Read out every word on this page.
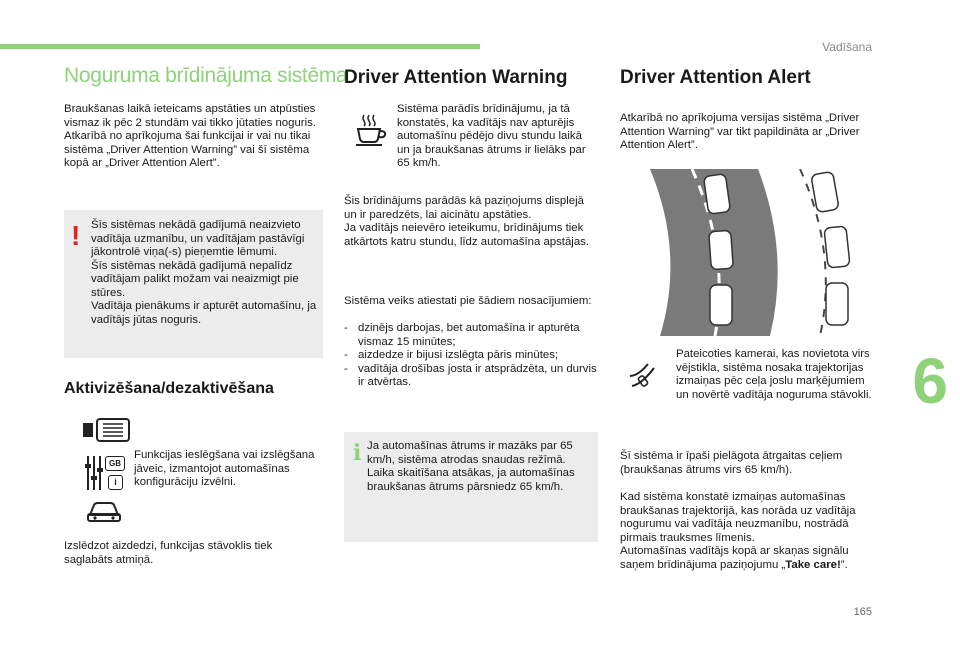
Vadīšana
6
165
Noguruma brīdinājuma sistēma
Braukšanas laikā ieteicams apstāties un atpūsties vismaz ik pēc 2 stundām vai tikko jūtaties noguris.
Atkarībā no aprīkojuma šai funkcijai ir vai nu tikai sistēma „Driver Attention Warning” vai šī sistēma kopā ar „Driver Attention Alert”.
! Šīs sistēmas nekādā gadījumā neaizvieto vadītāja uzmanību, un vadītājam pastāvīgi jākontrolē viņa(-s) pieņemtie lēmumi.
Šīs sistēmas nekādā gadījumā nepalīdz vadītājam palikt možam vai neaizmigt pie stūres.
Vadītāja pienākums ir apturēt automašīnu, ja vadītājs jūtas noguris.
Aktivizēšana/dezaktivēšana
GB
i
Funkcijas ieslēgšana vai izslēgšana jāveic, izmantojot automašīnas konfigurāciju izvēlni.
Izslēdzot aizdedzi, funkcijas stāvoklis tiek saglabāts atmiņā.
Driver Attention Warning
Sistēma parādīs brīdinājumu, ja tā konstatēs, ka vadītājs nav apturējis automašīnu pēdējo divu stundu laikā un ja braukšanas ātrums ir lielāks par 65 km/h.
Šis brīdinājums parādās kā paziņojums displejā un ir paredzēts, lai aicinātu apstāties.
Ja vadītājs neievēro ieteikumu, brīdinājums tiek atkārtots katru stundu, līdz automašīna apstājas.
Sistēma veiks atiestati pie šādiem nosacījumiem:
- dzinējs darbojas, bet automašīna ir apturēta vismaz 15 minūtes;
- aizdedze ir bijusi izslēgta pāris minūtes;
- vadītāja drošības josta ir atsprādzēta, un durvis ir atvērtas.
i Ja automašīnas ātrums ir mazāks par 65 km/h, sistēma atrodas snaudas režīmā.
Laika skaitīšana atsākas, ja automašīnas braukšanas ātrums pārsniedz 65 km/h.
Driver Attention Alert
Atkarībā no aprīkojuma versijas sistēma „Driver Attention Warning” var tikt papildināta ar „Driver Attention Alert”.
Pateicoties kamerai, kas novietota virs vējstikla, sistēma nosaka trajektorijas izmaiņas pēc ceļa joslu marķējumiem un novērtē vadītāja noguruma stāvokli.
Šī sistēma ir īpaši pielāgota ātrgaitas ceļiem (braukšanas ātrums virs 65 km/h).
Kad sistēma konstatē izmaiņas automašīnas braukšanas trajektorijā, kas norāda uz vadītāja nogurumu vai vadītāja neuzmanību, nostrādā pirmais trauksmes līmenis.
Automašīnas vadītājs kopā ar skaņas signālu saņem brīdinājuma paziņojumu „Take care!”.
